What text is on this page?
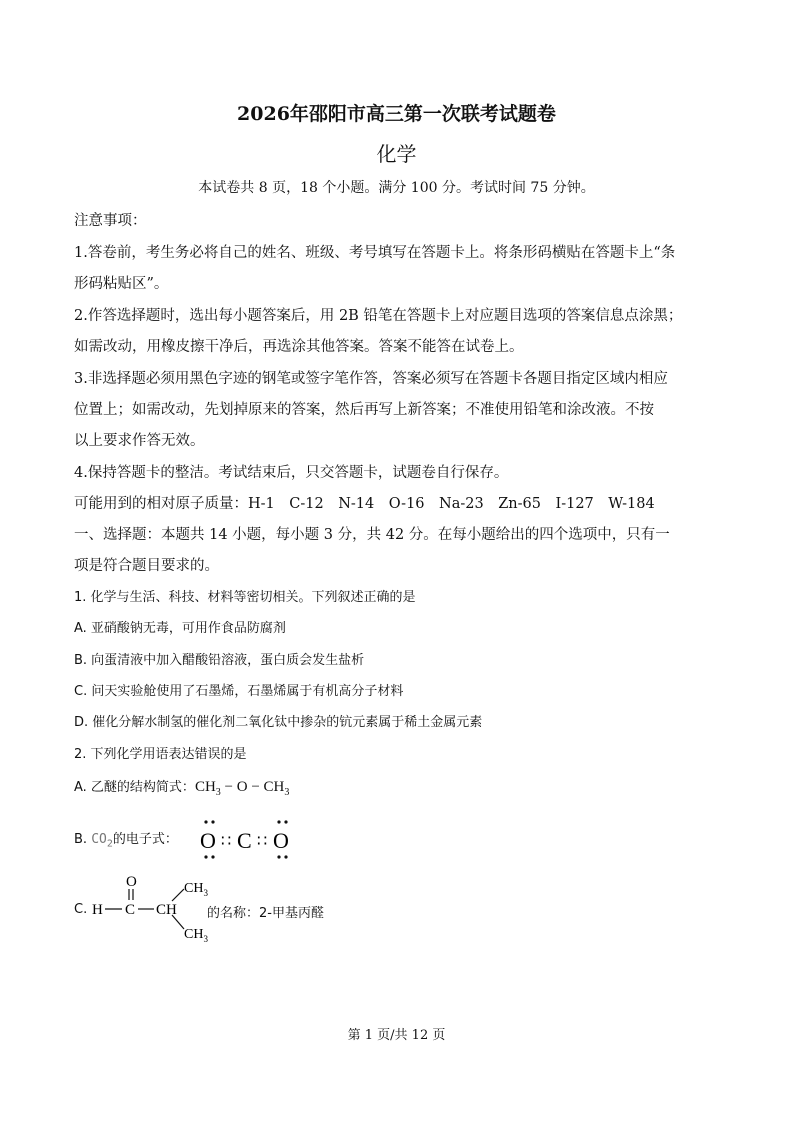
2026年邵阳市高三第一次联考试题卷
化学
本试卷共 8 页，18 个小题。满分 100 分。考试时间 75 分钟。
注意事项：
1.答卷前，考生务必将自己的姓名、班级、考号填写在答题卡上。将条形码横贴在答题卡上“条
形码粘贴区”。
2.作答选择题时，选出每小题答案后，用 2B 铅笔在答题卡上对应题目选项的答案信息点涂黑；
如需改动，用橡皮擦干净后，再选涂其他答案。答案不能答在试卷上。
3.非选择题必须用黑色字迹的钢笔或签字笔作答，答案必须写在答题卡各题目指定区域内相应
位置上；如需改动，先划掉原来的答案，然后再写上新答案；不准使用铅笔和涂改液。不按
以上要求作答无效。
4.保持答题卡的整洁。考试结束后，只交答题卡，试题卷自行保存。
可能用到的相对原子质量：H-1　C-12　N-14　O-16　Na-23　Zn-65　I-127　W-184
一、选择题：本题共 14 小题，每小题 3 分，共 42 分。在每小题给出的四个选项中，只有一
项是符合题目要求的。
1. 化学与生活、科技、材料等密切相关。下列叙述正确的是
A. 亚硝酸钠无毒，可用作食品防腐剂
B. 向蛋清液中加入醋酸铅溶液，蛋白质会发生盐析
C. 问天实验舱使用了石墨烯，石墨烯属于有机高分子材料
D. 催化分解水制氢的催化剂二氧化钛中掺杂的钪元素属于稀土金属元素
2. 下列化学用语表达错误的是
A. 乙醚的结构简式：$CH_3 - O - CH_3$
B. $CO_2$的电子式： O ∷ C ∷ O
C.
O
H C CH
$CH_3$
$CH_3$
的名称：2-甲基丙醛
第 1 页/共 12 页
